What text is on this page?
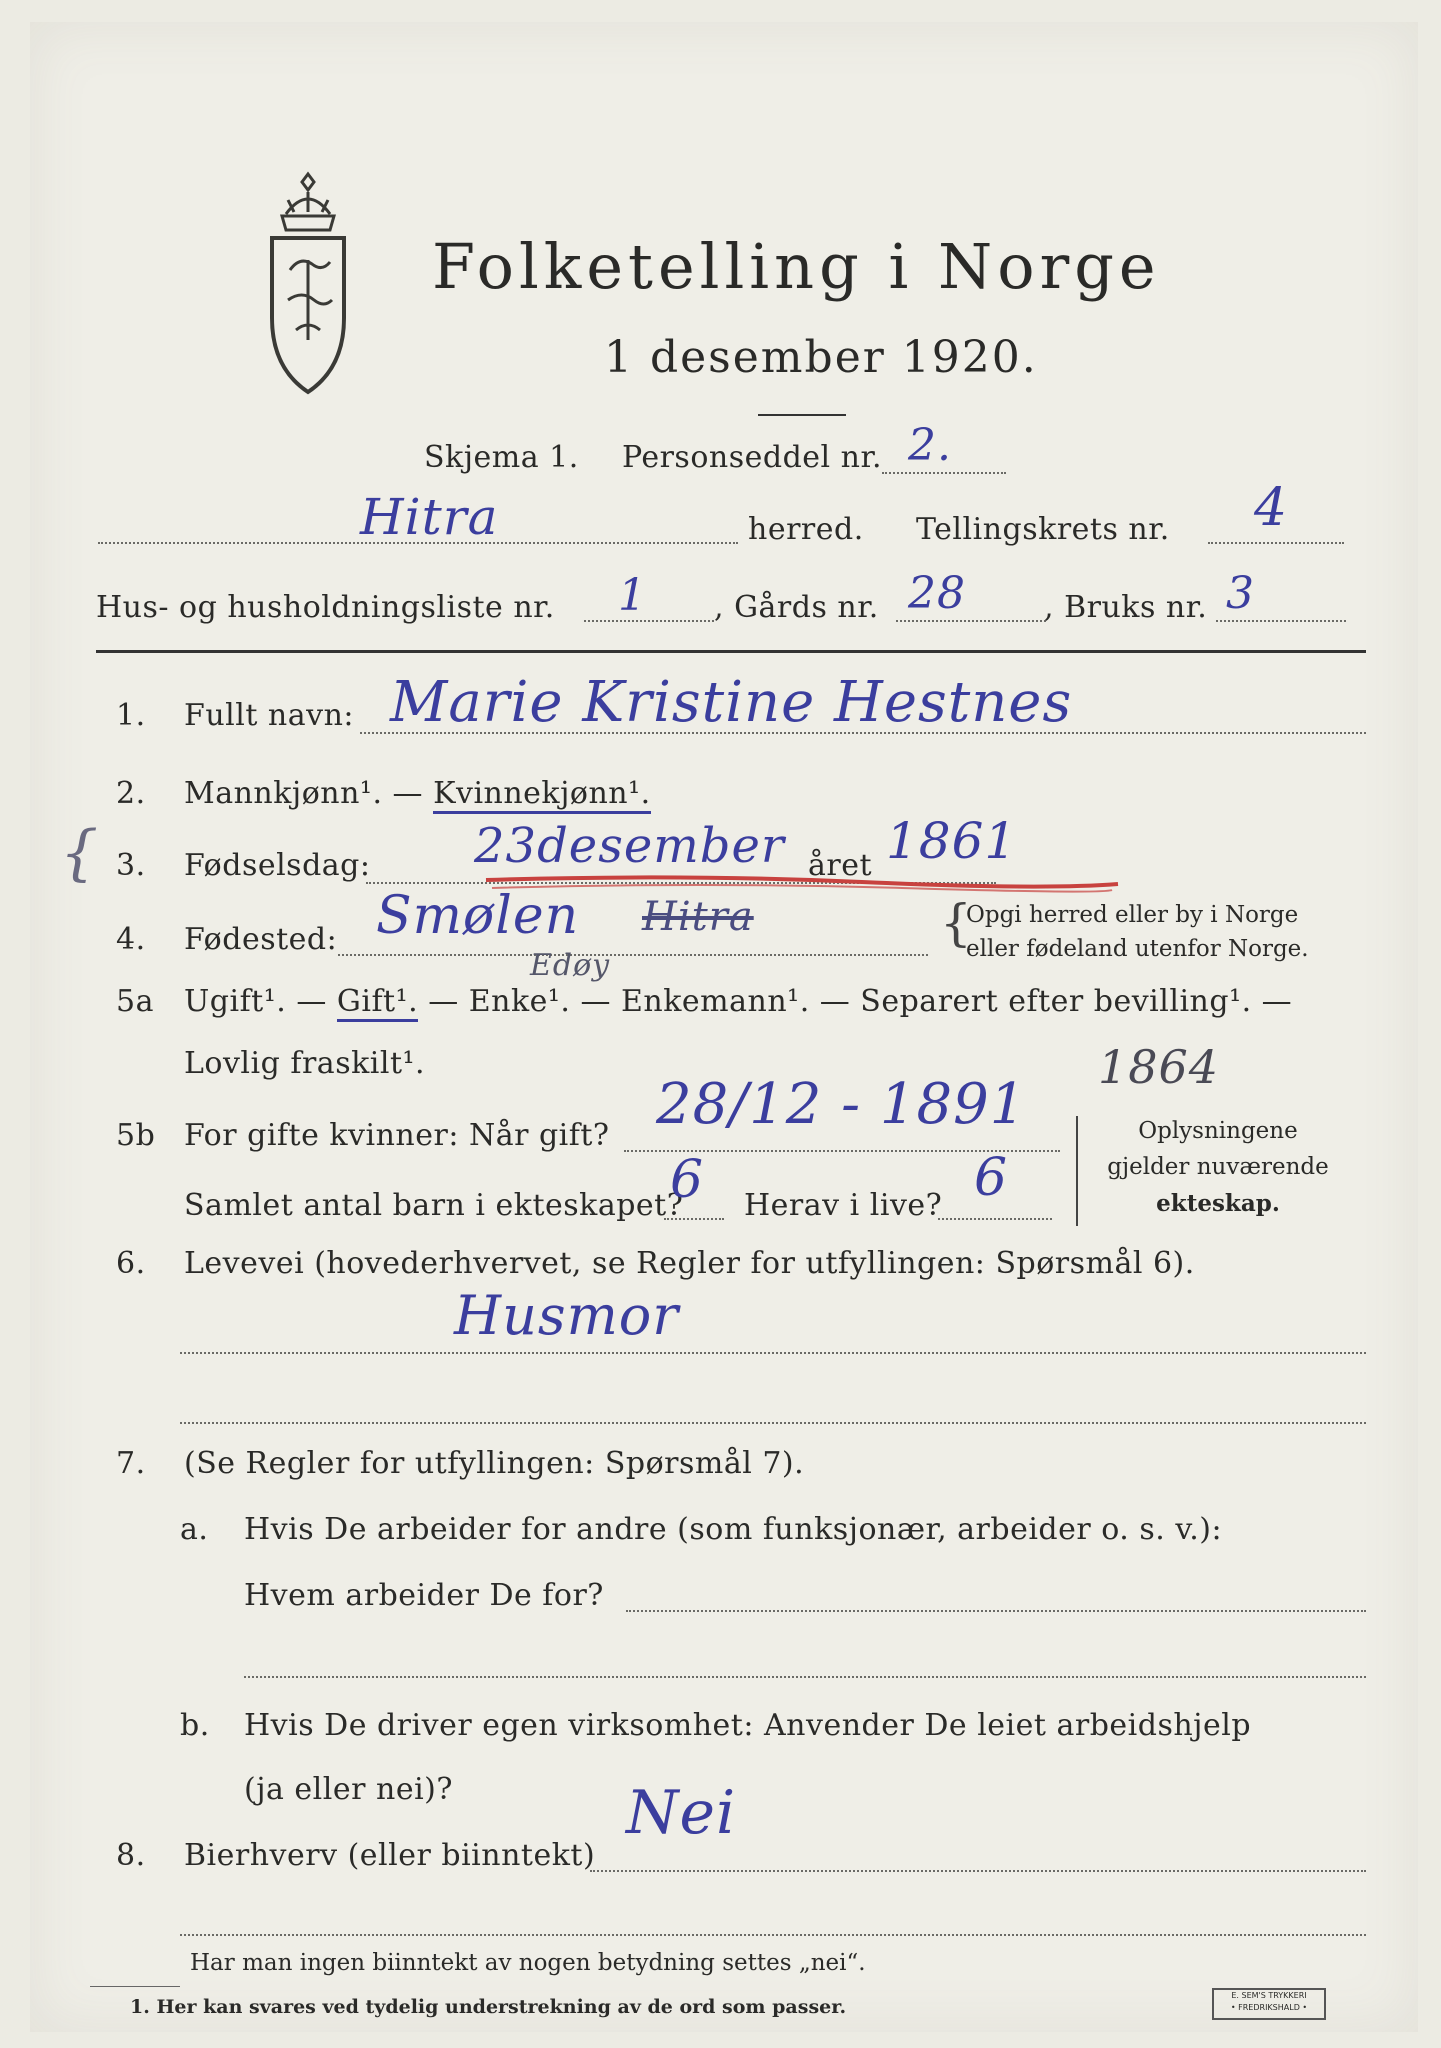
Folketelling i Norge
1 desember 1920.
Skjema 1. Personseddel nr. 2.
Hitra	herred. Tellingskrets nr. 4
Hus- og husholdningsliste nr. 1 , Gårds nr. 28	, Bruks nr. 3
1. Fullt navn: Marie Kristine Hestnes
2. Mannkjønn¹. — Kvinnekjønn¹.
{ 3. Fødselsdag: 23desember året 1861
4. Fødested: Smølen Hitra
Edøy
{
Opgi herred eller by i Norge
eller fødeland utenfor Norge.
5a Ugift¹. — Gift¹. — Enke¹. — Enkemann¹. — Separert efter bevilling¹. —
Lovlig fraskilt¹.
5b For gifte kvinner: Når gift? 28/12 - 1891
1864
Samlet antal barn i ekteskapet?
6 Herav i live? 6
Oplysningene
gjelder nuværende
ekteskap.
6. Levevei (hovederhvervet, se Regler for utfyllingen: Spørsmål 6).
Husmor
7. (Se Regler for utfyllingen: Spørsmål 7).
a. Hvis De arbeider for andre (som funksjonær, arbeider o. s. v.):
Hvem arbeider De for?
b. Hvis De driver egen virksomhet: Anvender De leiet arbeidshjelp
(ja eller nei)?
8. Bierhverv (eller biinntekt)
Nei
Har man ingen biinntekt av nogen betydning settes „nei“.
1. Her kan svares ved tydelig understrekning av de ord som passer.
E. SEM'S TRYKKERI
• FREDRIKSHALD •
